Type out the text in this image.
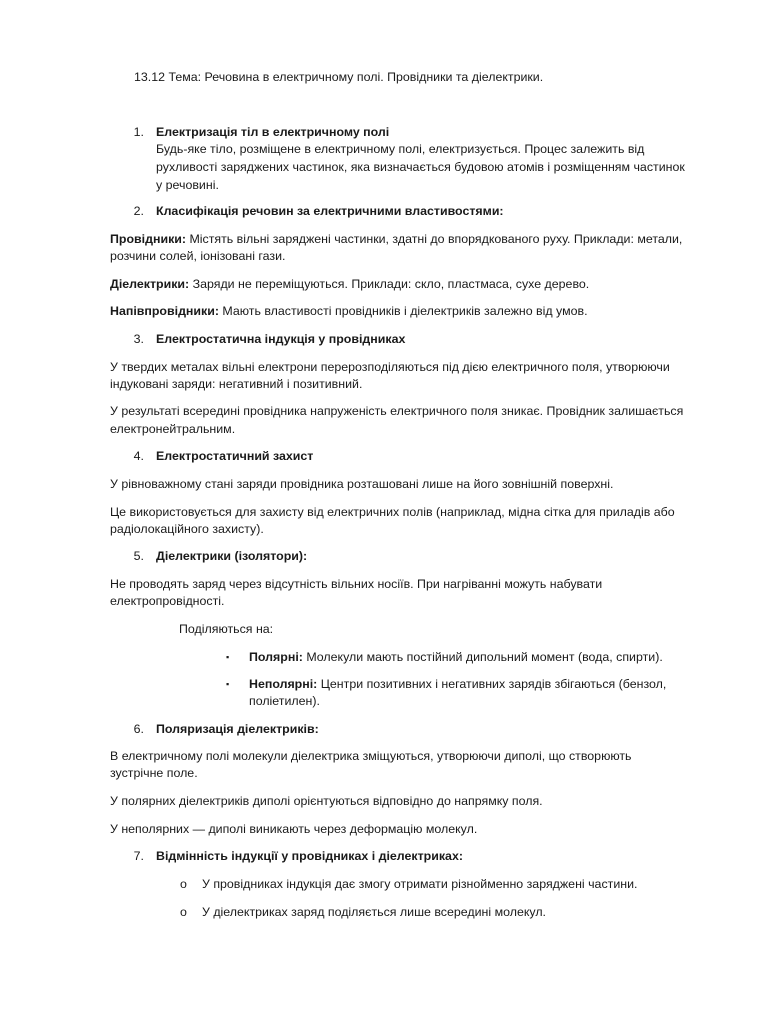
13.12 Тема: Речовина в електричному полі. Провідники та діелектрики.
1. Електризація тіл в електричному полі
Будь-яке тіло, розміщене в електричному полі, електризується. Процес залежить від
рухливості заряджених частинок, яка визначається будовою атомів і розміщенням частинок
у речовині.
2. Класифікація речовин за електричними властивостями:
Провідники: Містять вільні заряджені частинки, здатні до впорядкованого руху. Приклади: метали,
розчини солей, іонізовані гази.
Діелектрики: Заряди не переміщуються. Приклади: скло, пластмаса, сухе дерево.
Напівпровідники: Мають властивості провідників і діелектриків залежно від умов.
3. Електростатична індукція у провідниках
У твердих металах вільні електрони перерозподіляються під дією електричного поля, утворюючи
індуковані заряди: негативний і позитивний.
У результаті всередині провідника напруженість електричного поля зникає. Провідник залишається
електронейтральним.
4. Електростатичний захист
У рівноважному стані заряди провідника розташовані лише на його зовнішній поверхні.
Це використовується для захисту від електричних полів (наприклад, мідна сітка для приладів або
радіолокаційного захисту).
5. Діелектрики (ізолятори):
Не проводять заряд через відсутність вільних носіїв. При нагріванні можуть набувати
електропровідності.
Поділяються на:
▪ Полярні: Молекули мають постійний дипольний момент (вода, спирти).
▪ Неполярні: Центри позитивних і негативних зарядів збігаються (бензол,
поліетилен).
6. Поляризація діелектриків:
В електричному полі молекули діелектрика зміщуються, утворюючи диполі, що створюють
зустрічне поле.
У полярних діелектриків диполі орієнтуються відповідно до напрямку поля.
У неполярних — диполі виникають через деформацію молекул.
7. Відмінність індукції у провідниках і діелектриках:
o У провідниках індукція дає змогу отримати різнойменно заряджені частини.
o У діелектриках заряд поділяється лише всередині молекул.
